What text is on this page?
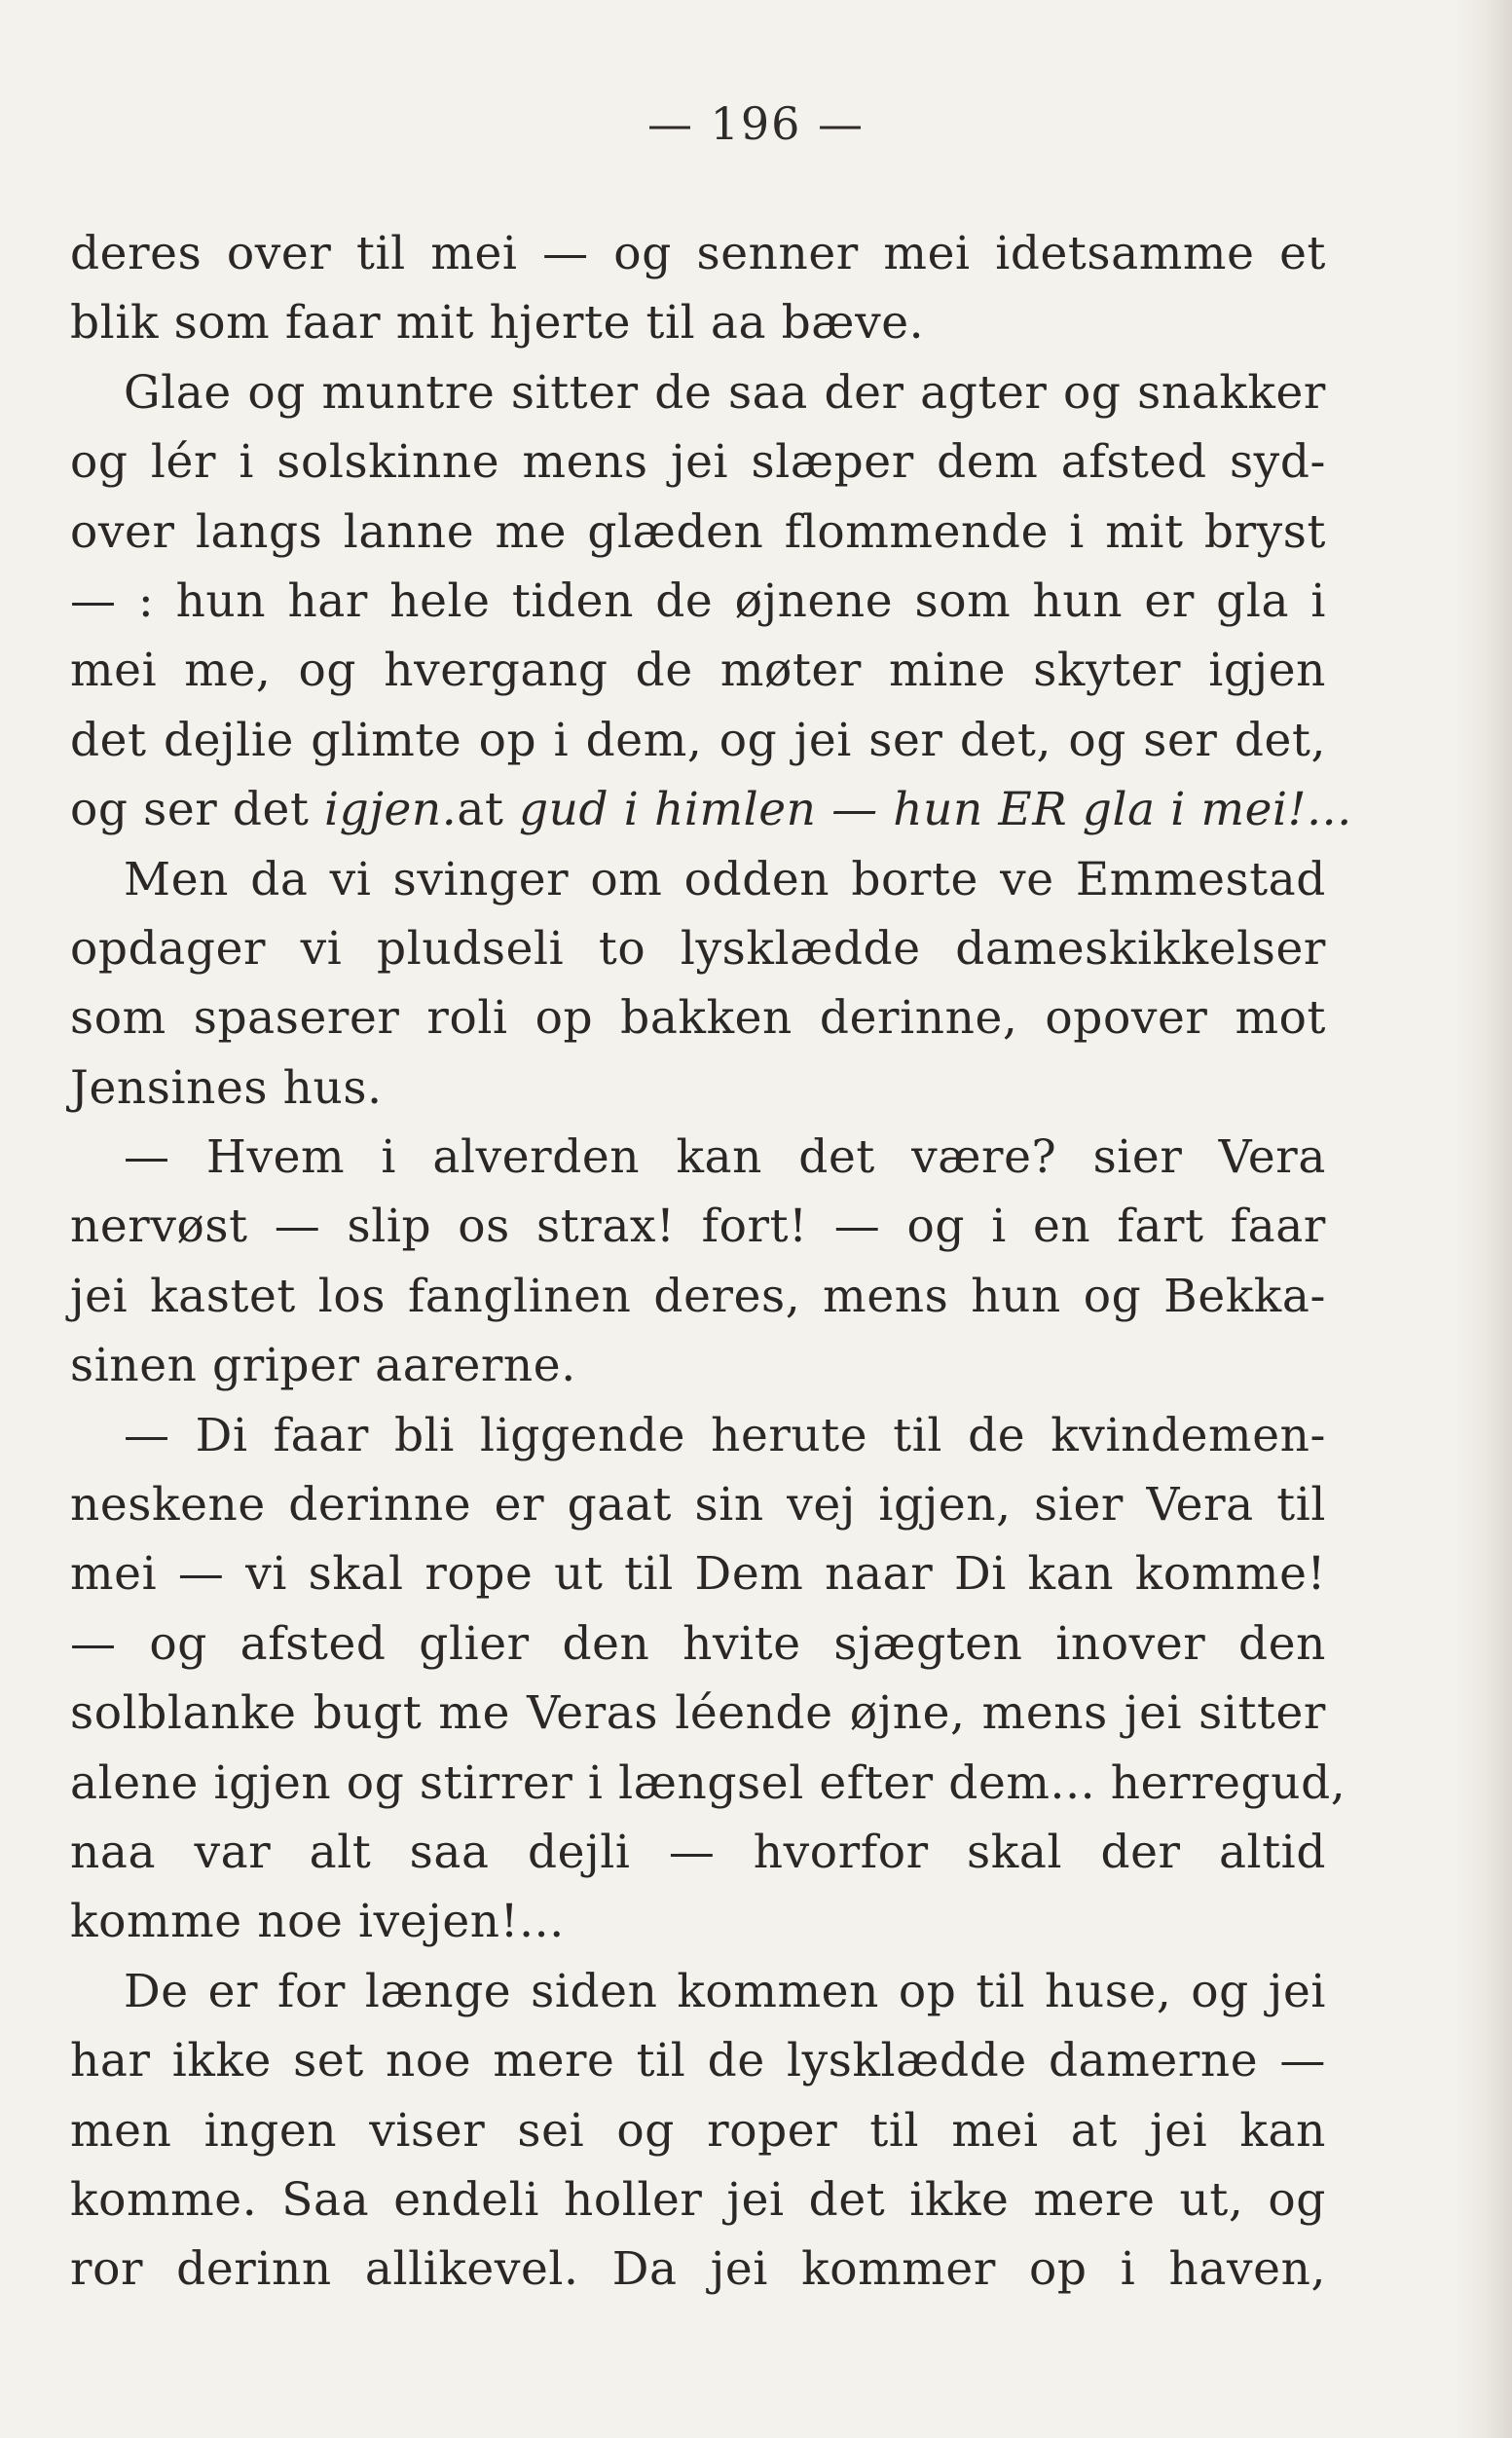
— 196 —
deres over til mei — og senner mei idetsamme et
blik som faar mit hjerte til aa bæve.
Glae og muntre sitter de saa der agter og snakker
og lér i solskinne mens jei slæper dem afsted syd-
over langs lanne me glæden flommende i mit bryst
— : hun har hele tiden de øjnene som hun er gla i
mei me, og hvergang de møter mine skyter igjen
det dejlie glimte op i dem, og jei ser det, og ser det,
og ser det igjen.at gud i himlen — hun ER gla i mei!...
Men da vi svinger om odden borte ve Emmestad
opdager vi pludseli to lysklædde dameskikkelser
som spaserer roli op bakken derinne, opover mot
Jensines hus.
— Hvem i alverden kan det være? sier Vera
nervøst — slip os strax! fort! — og i en fart faar
jei kastet los fanglinen deres, mens hun og Bekka-
sinen griper aarerne.
— Di faar bli liggende herute til de kvindemen-
neskene derinne er gaat sin vej igjen, sier Vera til
mei — vi skal rope ut til Dem naar Di kan komme!
— og afsted glier den hvite sjægten inover den
solblanke bugt me Veras léende øjne, mens jei sitter
alene igjen og stirrer i længsel efter dem... herregud,
naa var alt saa dejli — hvorfor skal der altid
komme noe ivejen!...
De er for længe siden kommen op til huse, og jei
har ikke set noe mere til de lysklædde damerne —
men ingen viser sei og roper til mei at jei kan
komme. Saa endeli holler jei det ikke mere ut, og
ror derinn allikevel. Da jei kommer op i haven,
